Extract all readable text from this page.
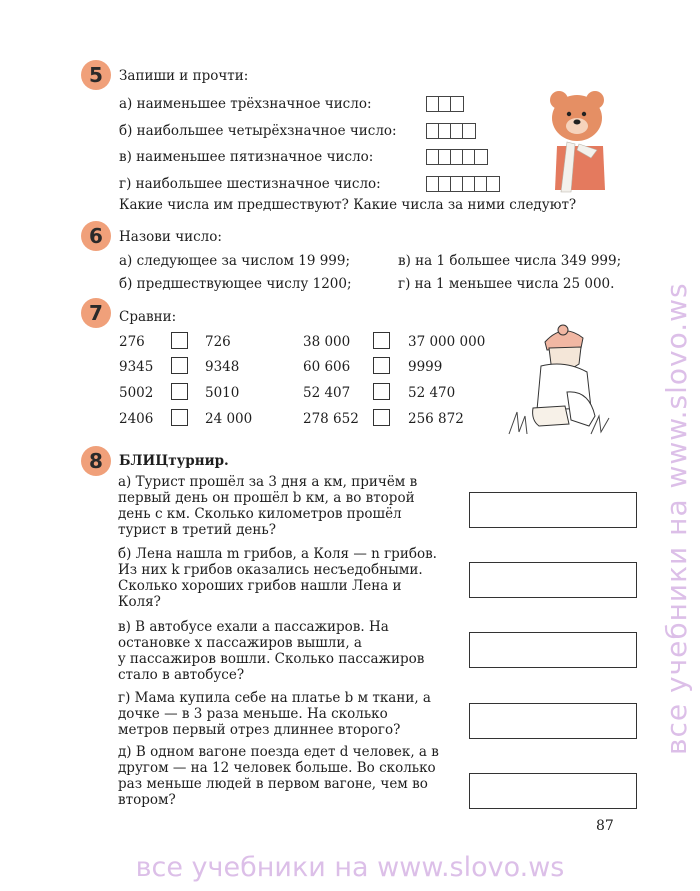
5	Запиши и прочти:
а) наименьшее трёхзначное число:
б) наибольшее четырёхзначное число:
в) наименьшее пятизначное число:
г) наибольшее шестизначное число:
Какие числа им предшествуют? Какие числа за ними следуют?
6	Назови число:
а) следующее за числом 19 999;	в) на 1 большее числа 349 999;
б) предшествующее числу 1200;	г) на 1 меньшее числа 25 000.
7	Сравни:
276	726	38 000	37 000 000
9345	9348	60 606	9999
5002	5010	52 407	52 470
2406	24 000	278 652	256 872
8	БЛИЦтурнир.
а) Турист прошёл за 3 дня a км, причём в
первый день он прошёл b км, а во второй
день c км. Сколько километров прошёл
турист в третий день?
б) Лена нашла m грибов, а Коля — n грибов.
Из них k грибов оказались несъедобными.
Сколько хороших грибов нашли Лена и
Коля?
в) В автобусе ехали a пассажиров. На
остановке x пассажиров вышли, а
y пассажиров вошли. Сколько пассажиров
стало в автобусе?
г) Мама купила себе на платье b м ткани, а
дочке — в 3 раза меньше. На сколько
метров первый отрез длиннее второго?
д) В одном вагоне поезда едет d человек, а в
другом — на 12 человек больше. Во сколько
раз меньше людей в первом вагоне, чем во
втором?
87
все учебники на www.slovo.ws
все учебники на www.slovo.ws
